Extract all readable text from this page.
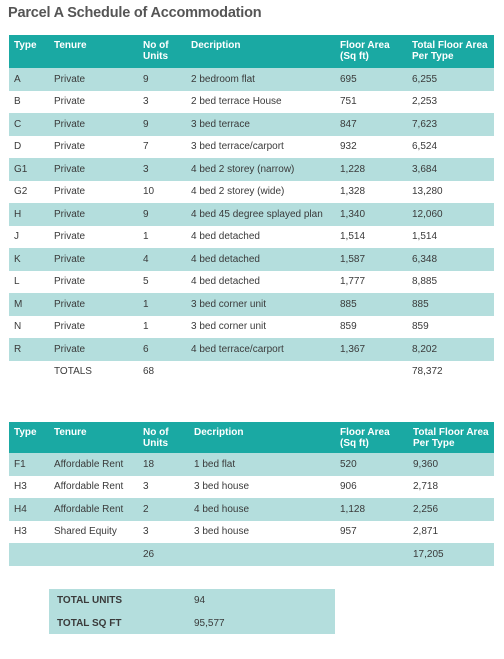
Parcel A Schedule of Accommodation
Type	Tenure	No of Units	Decription	Floor Area (Sq ft)	Total Floor Area Per Type
A	Private	9	2 bedroom flat	695	6,255
B	Private	3	2 bed terrace House	751	2,253
C	Private	9	3 bed terrace	847	7,623
D	Private	7	3 bed terrace/carport	932	6,524
G1	Private	3	4 bed 2 storey (narrow)	1,228	3,684
G2	Private	10	4 bed 2 storey (wide)	1,328	13,280
H	Private	9	4 bed 45 degree splayed plan	1,340	12,060
J	Private	1	4 bed detached	1,514	1,514
K	Private	4	4 bed detached	1,587	6,348
L	Private	5	4 bed detached	1,777	8,885
M	Private	1	3 bed corner unit	885	885
N	Private	1	3 bed corner unit	859	859
R	Private	6	4 bed terrace/carport	1,367	8,202
	TOTALS	68			78,372
Type	Tenure	No of Units	Decription	Floor Area (Sq ft)	Total Floor Area Per Type
F1	Affordable Rent	18	1 bed flat	520	9,360
H3	Affordable Rent	3	3 bed house	906	2,718
H4	Affordable Rent	2	4 bed house	1,128	2,256
H3	Shared Equity	3	3 bed house	957	2,871
		26			17,205
TOTAL UNITS	94
TOTAL SQ FT	95,577
